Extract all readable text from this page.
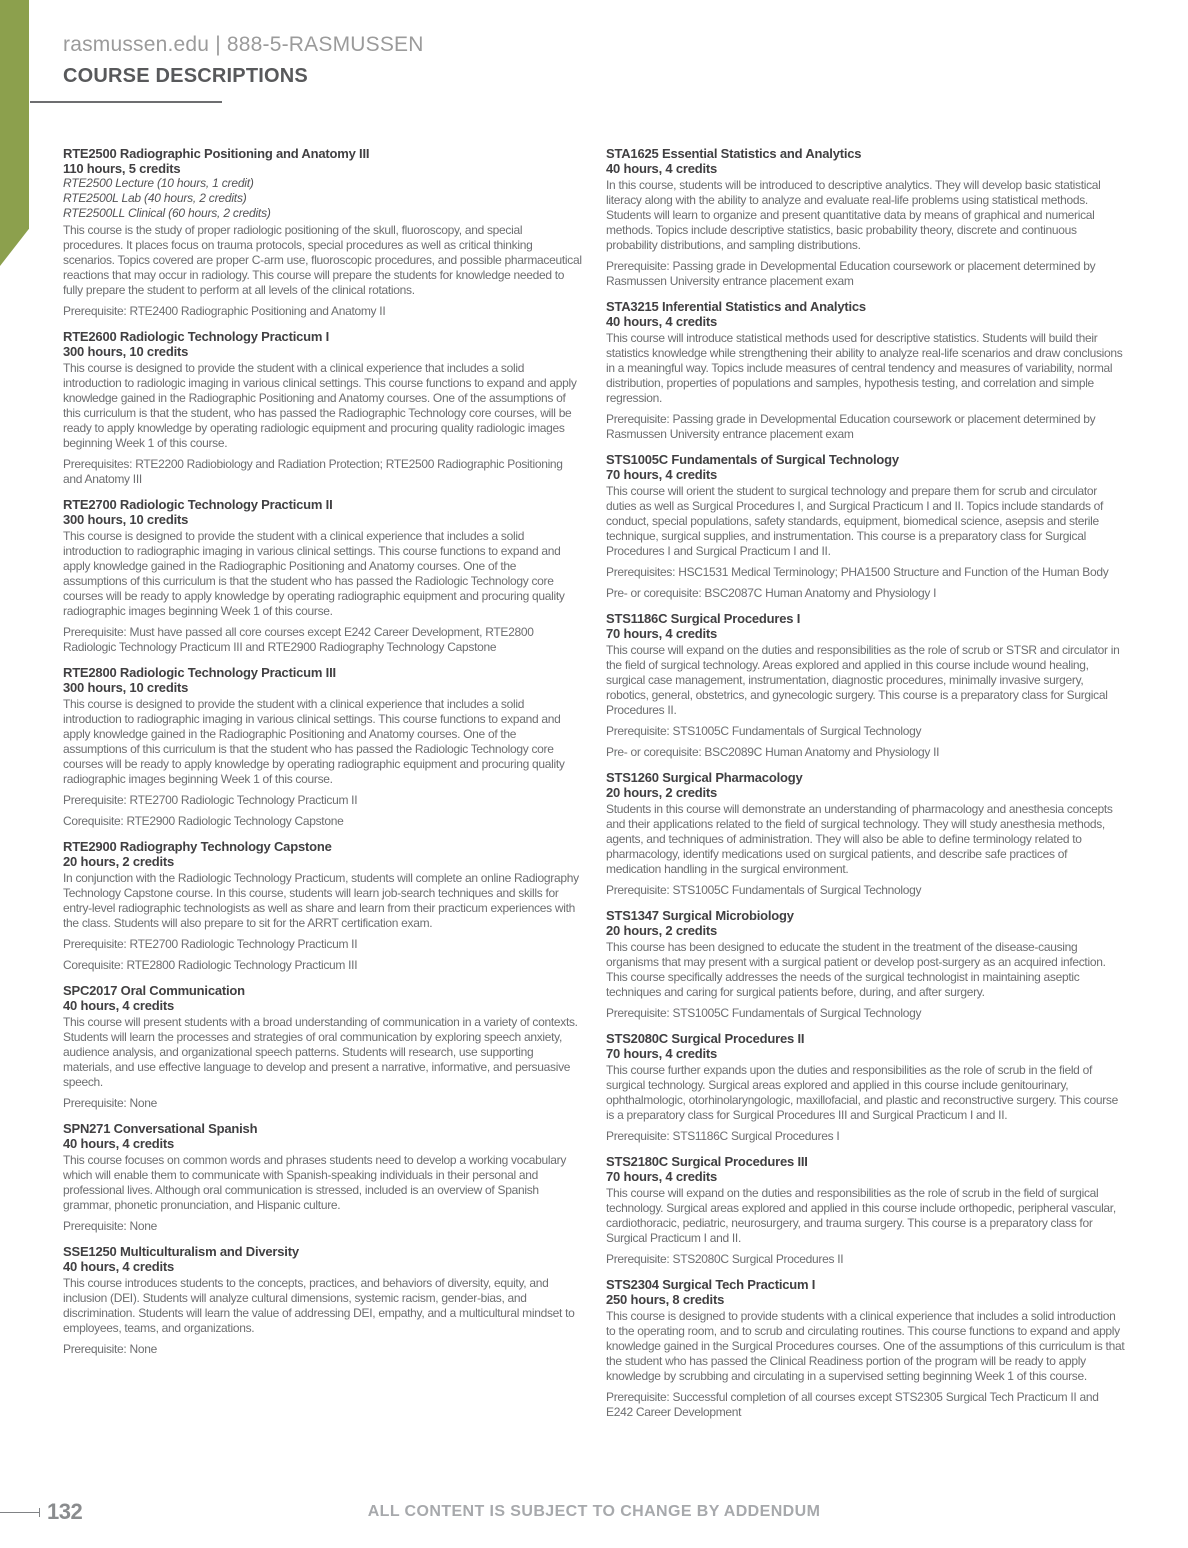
rasmussen.edu | 888-5-RASMUSSEN
COURSE DESCRIPTIONS
RTE2500 Radiographic Positioning and Anatomy III
110 hours, 5 credits
RTE2500 Lecture (10 hours, 1 credit)
RTE2500L Lab (40 hours, 2 credits)
RTE2500LL Clinical (60 hours, 2 credits)

This course is the study of proper radiologic positioning of the skull, fluoroscopy, and special procedures. It places focus on trauma protocols, special procedures as well as critical thinking scenarios. Topics covered are proper C-arm use, fluoroscopic procedures, and possible pharmaceutical reactions that may occur in radiology. This course will prepare the students for knowledge needed to fully prepare the student to perform at all levels of the clinical rotations.

Prerequisite: RTE2400 Radiographic Positioning and Anatomy II

RTE2600 Radiologic Technology Practicum I
300 hours, 10 credits

This course is designed to provide the student with a clinical experience that includes a solid introduction to radiologic imaging in various clinical settings. This course functions to expand and apply knowledge gained in the Radiographic Positioning and Anatomy courses. One of the assumptions of this curriculum is that the student, who has passed the Radiographic Technology core courses, will be ready to apply knowledge by operating radiologic equipment and procuring quality radiologic images beginning Week 1 of this course.

Prerequisites: RTE2200 Radiobiology and Radiation Protection; RTE2500 Radiographic Positioning and Anatomy III

RTE2700 Radiologic Technology Practicum II
300 hours, 10 credits

This course is designed to provide the student with a clinical experience that includes a solid introduction to radiographic imaging in various clinical settings. This course functions to expand and apply knowledge gained in the Radiographic Positioning and Anatomy courses. One of the assumptions of this curriculum is that the student who has passed the Radiologic Technology core courses will be ready to apply knowledge by operating radiographic equipment and procuring quality radiographic images beginning Week 1 of this course.

Prerequisite: Must have passed all core courses except E242 Career Development, RTE2800 Radiologic Technology Practicum III and RTE2900 Radiography Technology Capstone

RTE2800 Radiologic Technology Practicum III
300 hours, 10 credits

This course is designed to provide the student with a clinical experience that includes a solid introduction to radiographic imaging in various clinical settings. This course functions to expand and apply knowledge gained in the Radiographic Positioning and Anatomy courses. One of the assumptions of this curriculum is that the student who has passed the Radiologic Technology core courses will be ready to apply knowledge by operating radiographic equipment and procuring quality radiographic images beginning Week 1 of this course.

Prerequisite: RTE2700 Radiologic Technology Practicum II

Corequisite: RTE2900 Radiologic Technology Capstone

RTE2900 Radiography Technology Capstone
20 hours, 2 credits

In conjunction with the Radiologic Technology Practicum, students will complete an online Radiography Technology Capstone course. In this course, students will learn job-search techniques and skills for entry-level radiographic technologists as well as share and learn from their practicum experiences with the class. Students will also prepare to sit for the ARRT certification exam.

Prerequisite: RTE2700 Radiologic Technology Practicum II

Corequisite: RTE2800 Radiologic Technology Practicum III

SPC2017 Oral Communication
40 hours, 4 credits

This course will present students with a broad understanding of communication in a variety of contexts. Students will learn the processes and strategies of oral communication by exploring speech anxiety, audience analysis, and organizational speech patterns. Students will research, use supporting materials, and use effective language to develop and present a narrative, informative, and persuasive speech.

Prerequisite: None

SPN271 Conversational Spanish
40 hours, 4 credits

This course focuses on common words and phrases students need to develop a working vocabulary which will enable them to communicate with Spanish-speaking individuals in their personal and professional lives. Although oral communication is stressed, included is an overview of Spanish grammar, phonetic pronunciation, and Hispanic culture.

Prerequisite: None

SSE1250 Multiculturalism and Diversity
40 hours, 4 credits

This course introduces students to the concepts, practices, and behaviors of diversity, equity, and inclusion (DEI). Students will analyze cultural dimensions, systemic racism, gender-bias, and discrimination. Students will learn the value of addressing DEI, empathy, and a multicultural mindset to employees, teams, and organizations.

Prerequisite: None

STA1625 Essential Statistics and Analytics
40 hours, 4 credits

In this course, students will be introduced to descriptive analytics. They will develop basic statistical literacy along with the ability to analyze and evaluate real-life problems using statistical methods. Students will learn to organize and present quantitative data by means of graphical and numerical methods. Topics include descriptive statistics, basic probability theory, discrete and continuous probability distributions, and sampling distributions.

Prerequisite: Passing grade in Developmental Education coursework or placement determined by Rasmussen University entrance placement exam

STA3215 Inferential Statistics and Analytics
40 hours, 4 credits

This course will introduce statistical methods used for descriptive statistics. Students will build their statistics knowledge while strengthening their ability to analyze real-life scenarios and draw conclusions in a meaningful way. Topics include measures of central tendency and measures of variability, normal distribution, properties of populations and samples, hypothesis testing, and correlation and simple regression.

Prerequisite: Passing grade in Developmental Education coursework or placement determined by Rasmussen University entrance placement exam

STS1005C Fundamentals of Surgical Technology
70 hours, 4 credits

This course will orient the student to surgical technology and prepare them for scrub and circulator duties as well as Surgical Procedures I, and Surgical Practicum I and II. Topics include standards of conduct, special populations, safety standards, equipment, biomedical science, asepsis and sterile technique, surgical supplies, and instrumentation. This course is a preparatory class for Surgical Procedures I and Surgical Practicum I and II.

Prerequisites: HSC1531 Medical Terminology; PHA1500 Structure and Function of the Human Body

Pre- or corequisite: BSC2087C Human Anatomy and Physiology I

STS1186C Surgical Procedures I
70 hours, 4 credits

This course will expand on the duties and responsibilities as the role of scrub or STSR and circulator in the field of surgical technology. Areas explored and applied in this course include wound healing, surgical case management, instrumentation, diagnostic procedures, minimally invasive surgery, robotics, general, obstetrics, and gynecologic surgery. This course is a preparatory class for Surgical Procedures II.

Prerequisite: STS1005C Fundamentals of Surgical Technology

Pre- or corequisite: BSC2089C Human Anatomy and Physiology II

STS1260 Surgical Pharmacology
20 hours, 2 credits

Students in this course will demonstrate an understanding of pharmacology and anesthesia concepts and their applications related to the field of surgical technology. They will study anesthesia methods, agents, and techniques of administration. They will also be able to define terminology related to pharmacology, identify medications used on surgical patients, and describe safe practices of medication handling in the surgical environment.

Prerequisite: STS1005C Fundamentals of Surgical Technology

STS1347 Surgical Microbiology
20 hours, 2 credits

This course has been designed to educate the student in the treatment of the disease-causing organisms that may present with a surgical patient or develop post-surgery as an acquired infection. This course specifically addresses the needs of the surgical technologist in maintaining aseptic techniques and caring for surgical patients before, during, and after surgery.

Prerequisite: STS1005C Fundamentals of Surgical Technology

STS2080C Surgical Procedures II
70 hours, 4 credits

This course further expands upon the duties and responsibilities as the role of scrub in the field of surgical technology. Surgical areas explored and applied in this course include genitourinary, ophthalmologic, otorhinolaryngologic, maxillofacial, and plastic and reconstructive surgery. This course is a preparatory class for Surgical Procedures III and Surgical Practicum I and II.

Prerequisite: STS1186C Surgical Procedures I

STS2180C Surgical Procedures III
70 hours, 4 credits

This course will expand on the duties and responsibilities as the role of scrub in the field of surgical technology. Surgical areas explored and applied in this course include orthopedic, peripheral vascular, cardiothoracic, pediatric, neurosurgery, and trauma surgery. This course is a preparatory class for Surgical Practicum I and II.

Prerequisite: STS2080C Surgical Procedures II

STS2304 Surgical Tech Practicum I
250 hours, 8 credits

This course is designed to provide students with a clinical experience that includes a solid introduction to the operating room, and to scrub and circulating routines. This course functions to expand and apply knowledge gained in the Surgical Procedures courses. One of the assumptions of this curriculum is that the student who has passed the Clinical Readiness portion of the program will be ready to apply knowledge by scrubbing and circulating in a supervised setting beginning Week 1 of this course.

Prerequisite: Successful completion of all courses except STS2305 Surgical Tech Practicum II and E242 Career Development

132	ALL CONTENT IS SUBJECT TO CHANGE BY ADDENDUM
